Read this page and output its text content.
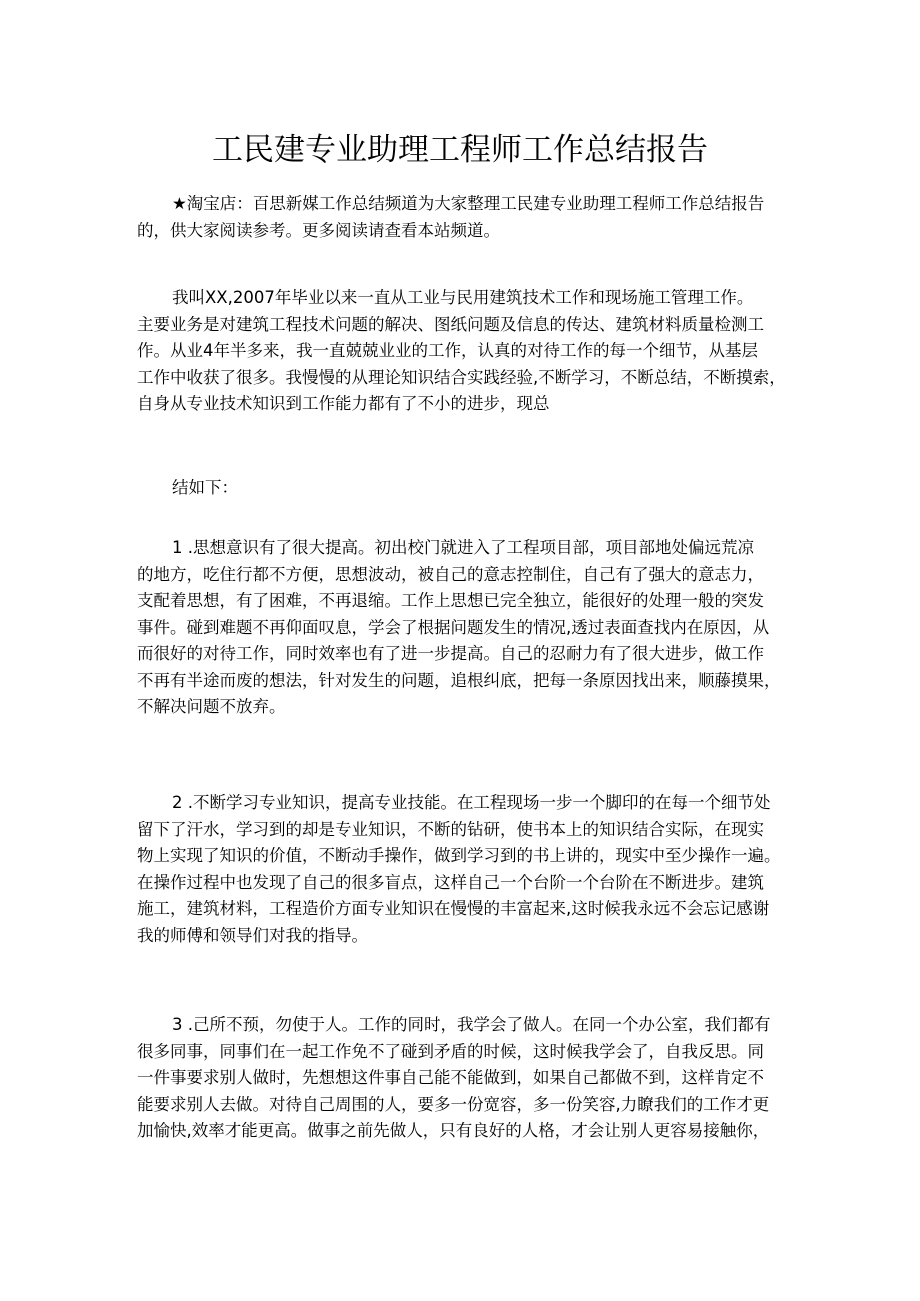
工民建专业助理工程师工作总结报告
★淘宝店：百思新媒工作总结频道为大家整理工民建专业助理工程师工作总结报告
的，供大家阅读参考。更多阅读请查看本站频道。
我叫XX,2007年毕业以来一直从工业与民用建筑技术工作和现场施工管理工作。
主要业务是对建筑工程技术问题的解决、图纸问题及信息的传达、建筑材料质量检测工
作。从业4年半多来，我一直兢兢业业的工作，认真的对待工作的每一个细节，从基层
工作中收获了很多。我慢慢的从理论知识结合实践经验,不断学习，不断总结，不断摸索，
自身从专业技术知识到工作能力都有了不小的进步，现总
结如下：
1 .思想意识有了很大提高。初出校门就进入了工程项目部，项目部地处偏远荒凉
的地方，吃住行都不方便，思想波动，被自己的意志控制住，自己有了强大的意志力，
支配着思想，有了困难，不再退缩。工作上思想已完全独立，能很好的处理一般的突发
事件。碰到难题不再仰面叹息，学会了根据问题发生的情况,透过表面查找内在原因，从
而很好的对待工作，同时效率也有了进一步提高。自己的忍耐力有了很大进步，做工作
不再有半途而废的想法，针对发生的问题，追根纠底，把每一条原因找出来，顺藤摸果，
不解决问题不放弃。
2 .不断学习专业知识，提高专业技能。在工程现场一步一个脚印的在每一个细节处
留下了汗水，学习到的却是专业知识，不断的钻研，使书本上的知识结合实际，在现实
物上实现了知识的价值，不断动手操作，做到学习到的书上讲的，现实中至少操作一遍。
在操作过程中也发现了自己的很多盲点，这样自己一个台阶一个台阶在不断进步。建筑
施工，建筑材料，工程造价方面专业知识在慢慢的丰富起来,这时候我永远不会忘记感谢
我的师傅和领导们对我的指导。
3 .己所不预，勿使于人。工作的同时，我学会了做人。在同一个办公室，我们都有
很多同事，同事们在一起工作免不了碰到矛盾的时候，这时候我学会了，自我反思。同
一件事要求别人做时，先想想这件事自己能不能做到，如果自己都做不到，这样肯定不
能要求别人去做。对待自己周围的人，要多一份宽容，多一份笑容,力瞭我们的工作才更
加愉快,效率才能更高。做事之前先做人，只有良好的人格，才会让别人更容易接触你，
